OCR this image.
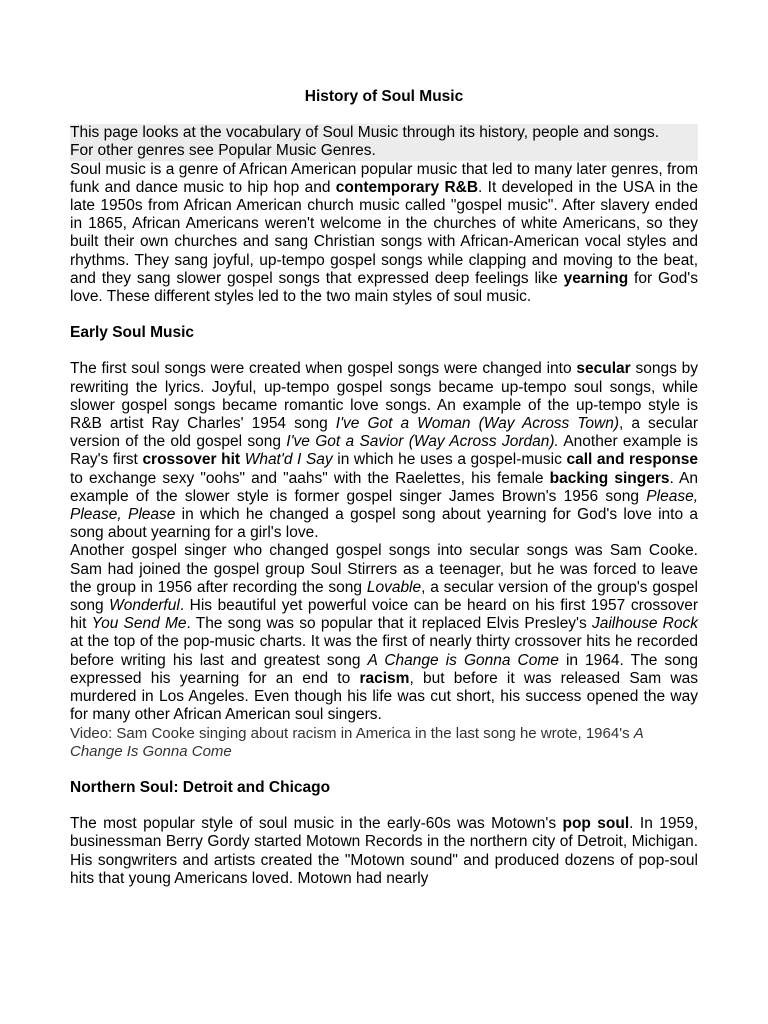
History of Soul Music

This page looks at the vocabulary of Soul Music through its history, people and songs.

For other genres see Popular Music Genres.

Soul music is a genre of African American popular music that led to many later genres, from funk and dance music to hip hop and contemporary R&B. It developed in the USA in the late 1950s from African American church music called "gospel music". After slavery ended in 1865, African Americans weren't welcome in the churches of white Americans, so they built their own churches and sang Christian songs with African-American vocal styles and rhythms. They sang joyful, up-tempo gospel songs while clapping and moving to the beat, and they sang slower gospel songs that expressed deep feelings like yearning for God's love. These different styles led to the two main styles of soul music.

Early Soul Music

The first soul songs were created when gospel songs were changed into secular songs by rewriting the lyrics. Joyful, up-tempo gospel songs became up-tempo soul songs, while slower gospel songs became romantic love songs. An example of the up-tempo style is R&B artist Ray Charles' 1954 song I've Got a Woman (Way Across Town), a secular version of the old gospel song I've Got a Savior (Way Across Jordan). Another example is Ray's first crossover hit What'd I Say in which he uses a gospel-music call and response to exchange sexy "oohs" and "aahs" with the Raelettes, his female backing singers. An example of the slower style is former gospel singer James Brown's 1956 song Please, Please, Please in which he changed a gospel song about yearning for God's love into a song about yearning for a girl's love.

Another gospel singer who changed gospel songs into secular songs was Sam Cooke. Sam had joined the gospel group Soul Stirrers as a teenager, but he was forced to leave the group in 1956 after recording the song Lovable, a secular version of the group's gospel song Wonderful. His beautiful yet powerful voice can be heard on his first 1957 crossover hit You Send Me. The song was so popular that it replaced Elvis Presley's Jailhouse Rock at the top of the pop-music charts. It was the first of nearly thirty crossover hits he recorded before writing his last and greatest song A Change is Gonna Come in 1964. The song expressed his yearning for an end to racism, but before it was released Sam was murdered in Los Angeles. Even though his life was cut short, his success opened the way for many other African American soul singers.

Video: Sam Cooke singing about racism in America in the last song he wrote, 1964's A Change Is Gonna Come

Northern Soul: Detroit and Chicago

The most popular style of soul music in the early-60s was Motown's pop soul. In 1959, businessman Berry Gordy started Motown Records in the northern city of Detroit, Michigan. His songwriters and artists created the "Motown sound" and produced dozens of pop-soul hits that young Americans loved. Motown had nearly
